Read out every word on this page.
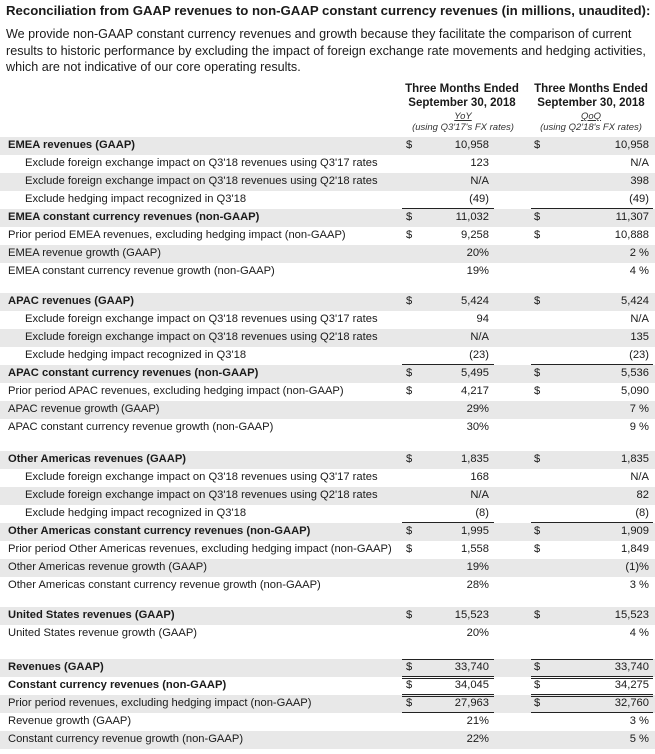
Reconciliation from GAAP revenues to non-GAAP constant currency revenues (in millions, unaudited):
We provide non-GAAP constant currency revenues and growth because they facilitate the comparison of current results to historic performance by excluding the impact of foreign exchange rate movements and hedging activities, which are not indicative of our core operating results.
Three Months Ended
September 30, 2018
YoY
(using Q3'17's FX rates)
Three Months Ended
September 30, 2018
QoQ
(using Q2'18's FX rates)
EMEA revenues (GAAP)	$	10,958	$	10,958
Exclude foreign exchange impact on Q3'18 revenues using Q3'17 rates	123	N/A
Exclude foreign exchange impact on Q3'18 revenues using Q2'18 rates	N/A	398
Exclude hedging impact recognized in Q3'18	(49)	(49)
EMEA constant currency revenues (non-GAAP)	$	11,032	$	11,307
Prior period EMEA revenues, excluding hedging impact (non-GAAP)	$	9,258	$	10,888
EMEA revenue growth (GAAP)	20%	2 %
EMEA constant currency revenue growth (non-GAAP)	19%	4 %
APAC revenues (GAAP)	$	5,424	$	5,424
Exclude foreign exchange impact on Q3'18 revenues using Q3'17 rates	94	N/A
Exclude foreign exchange impact on Q3'18 revenues using Q2'18 rates	N/A	135
Exclude hedging impact recognized in Q3'18	(23)	(23)
APAC constant currency revenues (non-GAAP)	$	5,495	$	5,536
Prior period APAC revenues, excluding hedging impact (non-GAAP)	$	4,217	$	5,090
APAC revenue growth (GAAP)	29%	7 %
APAC constant currency revenue growth (non-GAAP)	30%	9 %
Other Americas revenues (GAAP)	$	1,835	$	1,835
Exclude foreign exchange impact on Q3'18 revenues using Q3'17 rates	168	N/A
Exclude foreign exchange impact on Q3'18 revenues using Q2'18 rates	N/A	82
Exclude hedging impact recognized in Q3'18	(8)	(8)
Other Americas constant currency revenues (non-GAAP)	$	1,995	$	1,909
Prior period Other Americas revenues, excluding hedging impact (non-GAAP) $	1,558	$	1,849
Other Americas revenue growth (GAAP)	19%	(1)%
Other Americas constant currency revenue growth (non-GAAP)	28%	3 %
United States revenues (GAAP)	$	15,523	$	15,523
United States revenue growth (GAAP)	20%	4 %
Revenues (GAAP)	$	33,740	$	33,740
Constant currency revenues (non-GAAP)	$	34,045	$	34,275
Prior period revenues, excluding hedging impact (non-GAAP)	$	27,963	$	32,760
Revenue growth (GAAP)	21%	3 %
Constant currency revenue growth (non-GAAP)	22%	5 %
